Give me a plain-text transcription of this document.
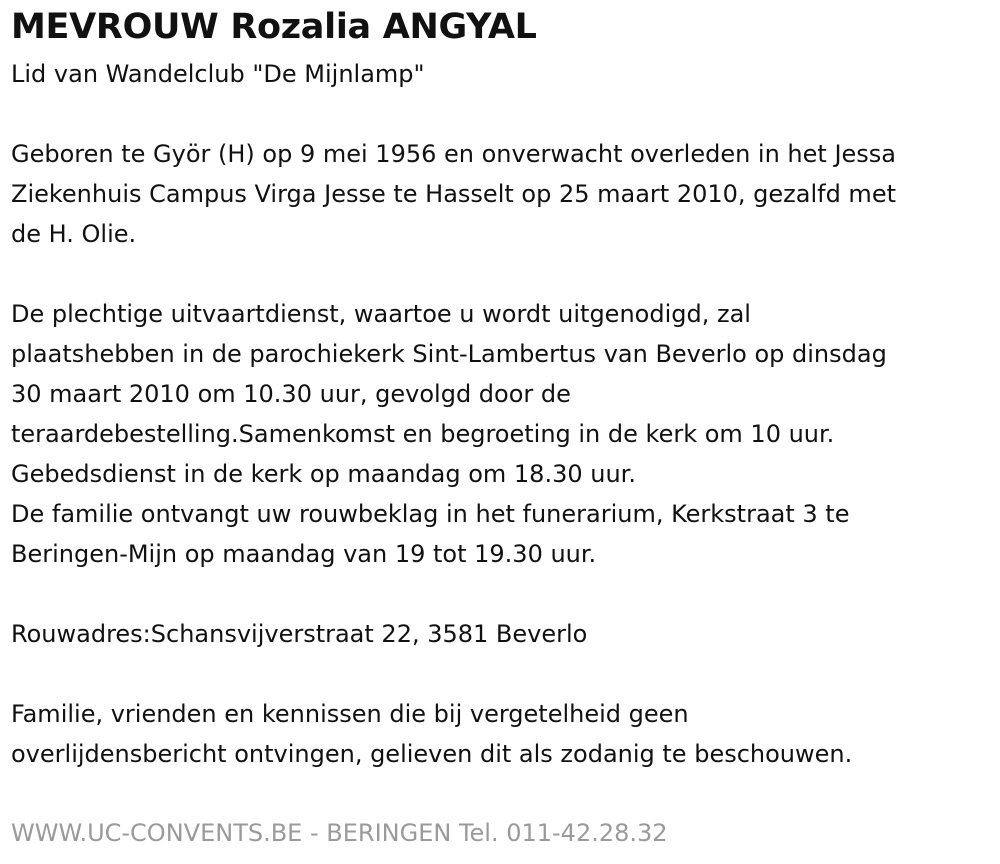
MEVROUW Rozalia ANGYAL
Lid van Wandelclub "De Mijnlamp"

Geboren te Györ (H) op 9 mei 1956 en onverwacht overleden in het Jessa
Ziekenhuis Campus Virga Jesse te Hasselt op 25 maart 2010, gezalfd met
de H. Olie.

De plechtige uitvaartdienst, waartoe u wordt uitgenodigd, zal
plaatshebben in de parochiekerk Sint-Lambertus van Beverlo op dinsdag
30 maart 2010 om 10.30 uur, gevolgd door de
teraardebestelling.Samenkomst en begroeting in de kerk om 10 uur.
Gebedsdienst in de kerk op maandag om 18.30 uur.
De familie ontvangt uw rouwbeklag in het funerarium, Kerkstraat 3 te
Beringen-Mijn op maandag van 19 tot 19.30 uur.

Rouwadres:Schansvijverstraat 22, 3581 Beverlo

Familie, vrienden en kennissen die bij vergetelheid geen
overlijdensbericht ontvingen, gelieven dit als zodanig te beschouwen.

WWW.UC-CONVENTS.BE - BERINGEN Tel. 011-42.28.32
